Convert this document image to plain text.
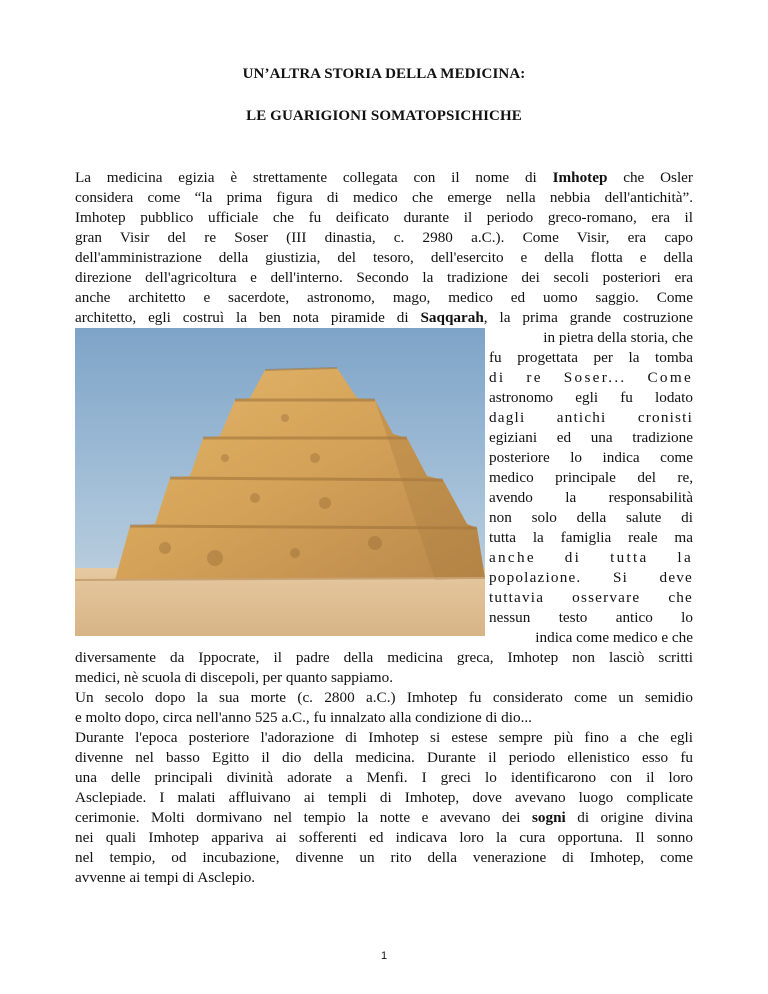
UN’ALTRA STORIA DELLA MEDICINA:
LE GUARIGIONI SOMATOPSICHICHE
La medicina egizia è strettamente collegata con il nome di Imhotep che Osler
considera come “la prima figura di medico che emerge nella nebbia dell'antichità”.
Imhotep pubblico ufficiale che fu deificato durante il periodo greco-romano, era il
gran Visir del re Soser (III dinastia, c. 2980 a.C.). Come Visir, era capo
dell'amministrazione della giustizia, del tesoro, dell'esercito e della flotta e della
direzione dell'agricoltura e dell'interno. Secondo la tradizione dei secoli posteriori era
anche architetto e sacerdote, astronomo, mago, medico ed uomo saggio. Come
architetto, egli costruì la ben nota piramide di Saqqarah, la prima grande costruzione
in pietra della storia, che
fu progettata per la tomba
di re Soser... Come
astronomo egli fu lodato
dagli antichi cronisti
egiziani ed una tradizione
posteriore lo indica come
medico principale del re,
avendo la responsabilità
non solo della salute di
tutta la famiglia reale ma
anche di tutta la
popolazione. Si deve
tuttavia osservare che
nessun testo antico lo
indica come medico e che
diversamente da Ippocrate, il padre della medicina greca, Imhotep non lasciò scritti
medici, nè scuola di discepoli, per quanto sappiamo.
Un secolo dopo la sua morte (c. 2800 a.C.) Imhotep fu considerato come un semidio
e molto dopo, circa nell'anno 525 a.C., fu innalzato alla condizione di dio...
Durante l'epoca posteriore l'adorazione di Imhotep si estese sempre più fino a che egli
divenne nel basso Egitto il dio della medicina. Durante il periodo ellenistico esso fu
una delle principali divinità adorate a Menfi. I greci lo identificarono con il loro
Asclepiade. I malati affluivano ai templi di Imhotep, dove avevano luogo complicate
cerimonie. Molti dormivano nel tempio la notte e avevano dei sogni di origine divina
nei quali Imhotep appariva ai sofferenti ed indicava loro la cura opportuna. Il sonno
nel tempio, od incubazione, divenne un rito della venerazione di Imhotep, come
avvenne ai tempi di Asclepio.
1
